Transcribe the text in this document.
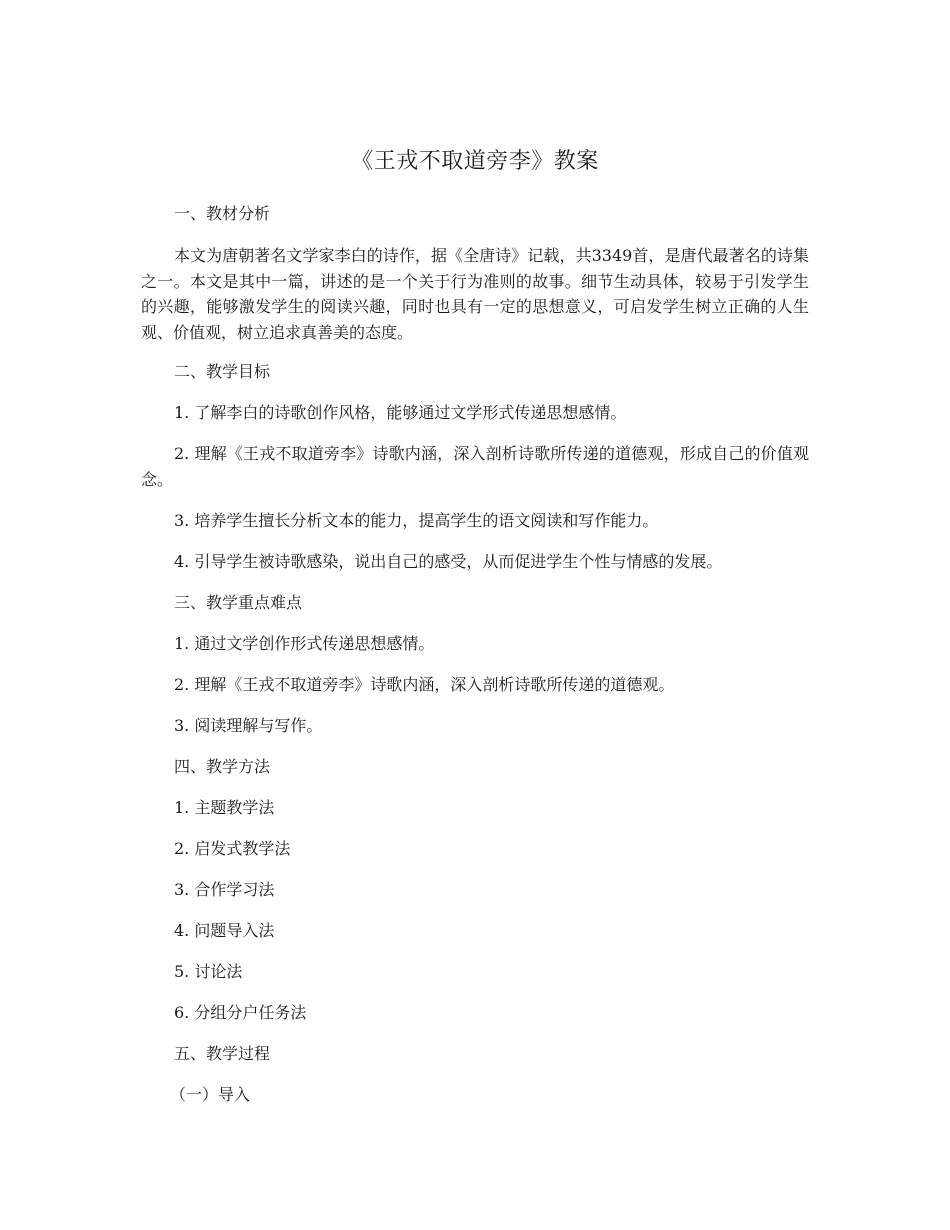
《王戎不取道旁李》教案
一、教材分析
本文为唐朝著名文学家李白的诗作，据《全唐诗》记载，共3349首，是唐代最著名的诗集之一。本文是其中一篇，讲述的是一个关于行为准则的故事。细节生动具体，较易于引发学生的兴趣，能够激发学生的阅读兴趣，同时也具有一定的思想意义，可启发学生树立正确的人生观、价值观，树立追求真善美的态度。
二、教学目标
1. 了解李白的诗歌创作风格，能够通过文学形式传递思想感情。
2. 理解《王戎不取道旁李》诗歌内涵，深入剖析诗歌所传递的道德观，形成自己的价值观念。
3. 培养学生擅长分析文本的能力，提高学生的语文阅读和写作能力。
4. 引导学生被诗歌感染，说出自己的感受，从而促进学生个性与情感的发展。
三、教学重点难点
1. 通过文学创作形式传递思想感情。
2. 理解《王戎不取道旁李》诗歌内涵，深入剖析诗歌所传递的道德观。
3. 阅读理解与写作。
四、教学方法
1. 主题教学法
2. 启发式教学法
3. 合作学习法
4. 问题导入法
5. 讨论法
6. 分组分户任务法
五、教学过程
（一）导入
